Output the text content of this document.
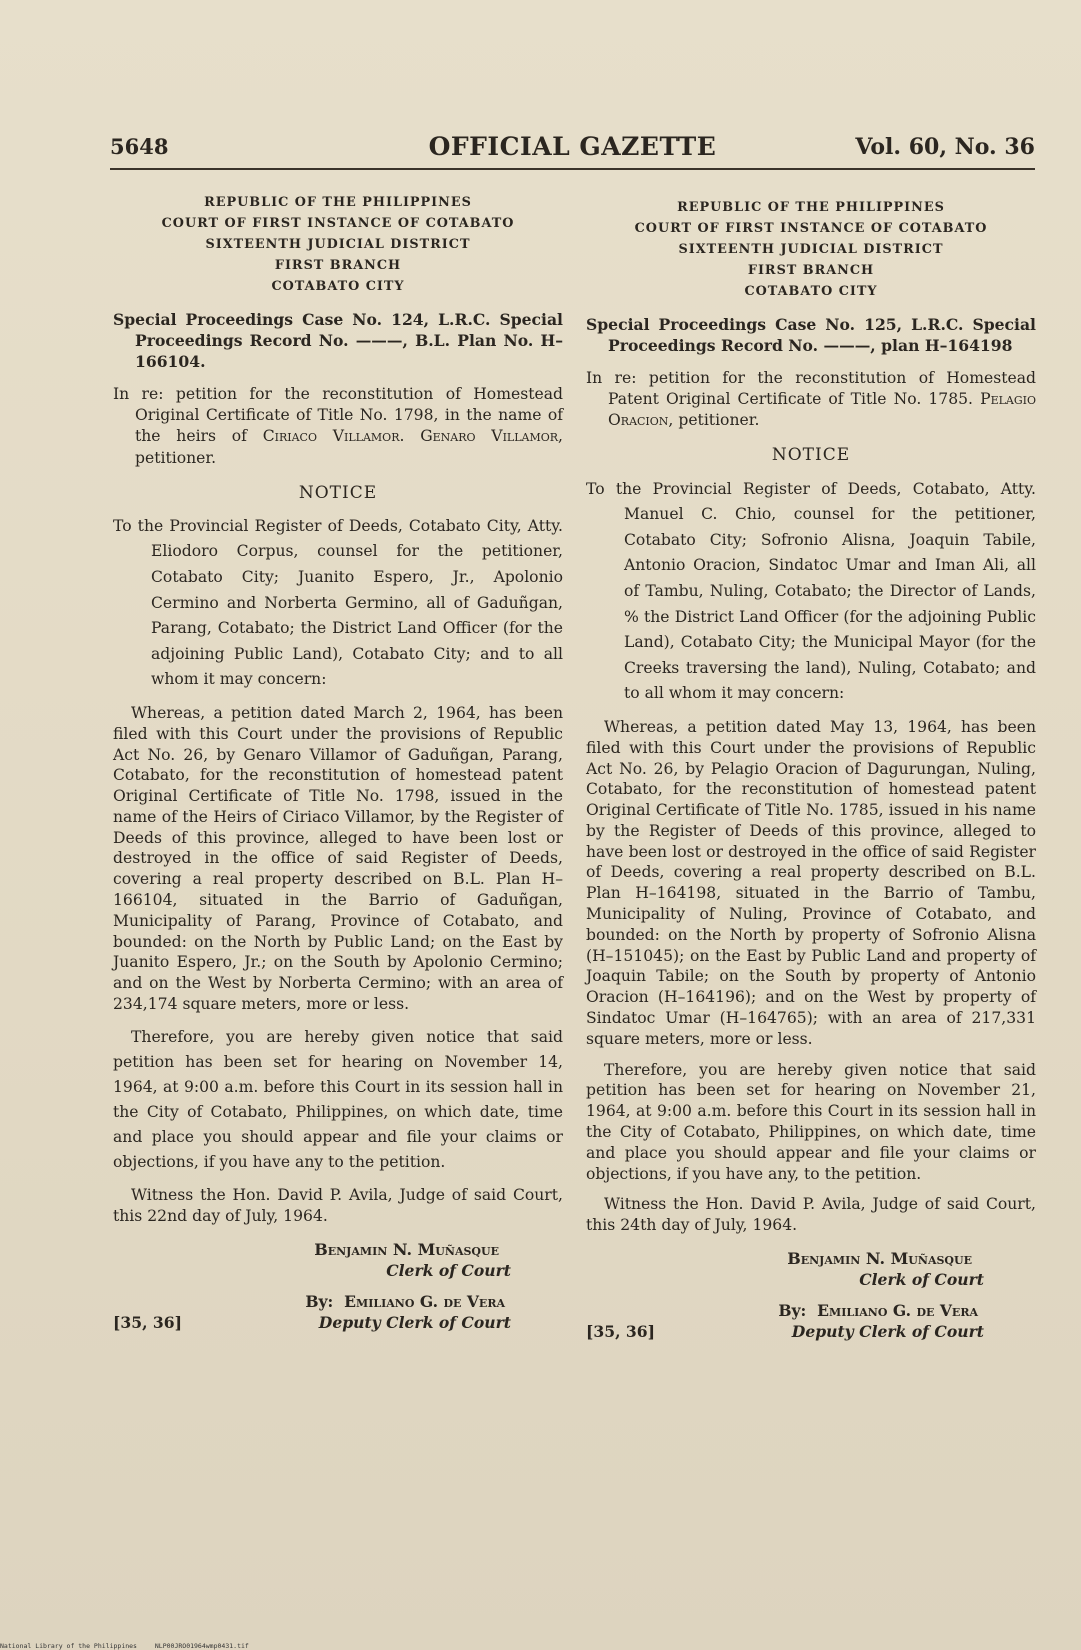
5648	OFFICIAL GAZETTE	Vol. 60, No. 36
REPUBLIC OF THE PHILIPPINES
COURT OF FIRST INSTANCE OF COTABATO
SIXTEENTH JUDICIAL DISTRICT
FIRST BRANCH
COTABATO CITY
Special Proceedings Case No. 124, L.R.C. Special Proceedings Record No. ———, B.L. Plan No. H–166104.
In re: petition for the reconstitution of Homestead Original Certificate of Title No. 1798, in the name of the heirs of Ciriaco Villamor. Genaro Villamor, petitioner.
NOTICE
To the Provincial Register of Deeds, Cotabato City, Atty. Eliodoro Corpus, counsel for the petitioner, Cotabato City; Juanito Espero, Jr., Apolonio Cermino and Norberta Germino, all of Gaduñgan, Parang, Cotabato; the District Land Officer (for the adjoining Public Land), Cotabato City; and to all whom it may concern:
Whereas, a petition dated March 2, 1964, has been filed with this Court under the provisions of Republic Act No. 26, by Genaro Villamor of Gaduñgan, Parang, Cotabato, for the reconstitution of homestead patent Original Certificate of Title No. 1798, issued in the name of the Heirs of Ciriaco Villamor, by the Register of Deeds of this province, alleged to have been lost or destroyed in the office of said Register of Deeds, covering a real property described on B.L. Plan H–166104, situated in the Barrio of Gaduñgan, Municipality of Parang, Province of Cotabato, and bounded: on the North by Public Land; on the East by Juanito Espero, Jr.; on the South by Apolonio Cermino; and on the West by Norberta Cermino; with an area of 234,174 square meters, more or less.
Therefore, you are hereby given notice that said petition has been set for hearing on November 14, 1964, at 9:00 a.m. before this Court in its session hall in the City of Cotabato, Philippines, on which date, time and place you should appear and file your claims or objections, if you have any to the petition.
Witness the Hon. David P. Avila, Judge of said Court, this 22nd day of July, 1964.
Benjamin N. Muñasque
Clerk of Court
By: Emiliano G. de Vera
[35, 36]	Deputy Clerk of Court
REPUBLIC OF THE PHILIPPINES
COURT OF FIRST INSTANCE OF COTABATO
SIXTEENTH JUDICIAL DISTRICT
FIRST BRANCH
COTABATO CITY
Special Proceedings Case No. 125, L.R.C. Special Proceedings Record No. ———, plan H–164198
In re: petition for the reconstitution of Homestead Patent Original Certificate of Title No. 1785. Pelagio Oracion, petitioner.
NOTICE
To the Provincial Register of Deeds, Cotabato, Atty. Manuel C. Chio, counsel for the petitioner, Cotabato City; Sofronio Alisna, Joaquin Tabile, Antonio Oracion, Sindatoc Umar and Iman Ali, all of Tambu, Nuling, Cotabato; the Director of Lands, % the District Land Officer (for the adjoining Public Land), Cotabato City; the Municipal Mayor (for the Creeks traversing the land), Nuling, Cotabato; and to all whom it may concern:
Whereas, a petition dated May 13, 1964, has been filed with this Court under the provisions of Republic Act No. 26, by Pelagio Oracion of Dagurungan, Nuling, Cotabato, for the reconstitution of homestead patent Original Certificate of Title No. 1785, issued in his name by the Register of Deeds of this province, alleged to have been lost or destroyed in the office of said Register of Deeds, covering a real property described on B.L. Plan H–164198, situated in the Barrio of Tambu, Municipality of Nuling, Province of Cotabato, and bounded: on the North by property of Sofronio Alisna (H–151045); on the East by Public Land and property of Joaquin Tabile; on the South by property of Antonio Oracion (H–164196); and on the West by property of Sindatoc Umar (H–164765); with an area of 217,331 square meters, more or less.
Therefore, you are hereby given notice that said petition has been set for hearing on November 21, 1964, at 9:00 a.m. before this Court in its session hall in the City of Cotabato, Philippines, on which date, time and place you should appear and file your claims or objections, if you have any, to the petition.
Witness the Hon. David P. Avila, Judge of said Court, this 24th day of July, 1964.
Benjamin N. Muñasque
Clerk of Court
By: Emiliano G. de Vera
[35, 36]	Deputy Clerk of Court
National Library of the Philippines	NLP00JRO01964wmp0431.tif
